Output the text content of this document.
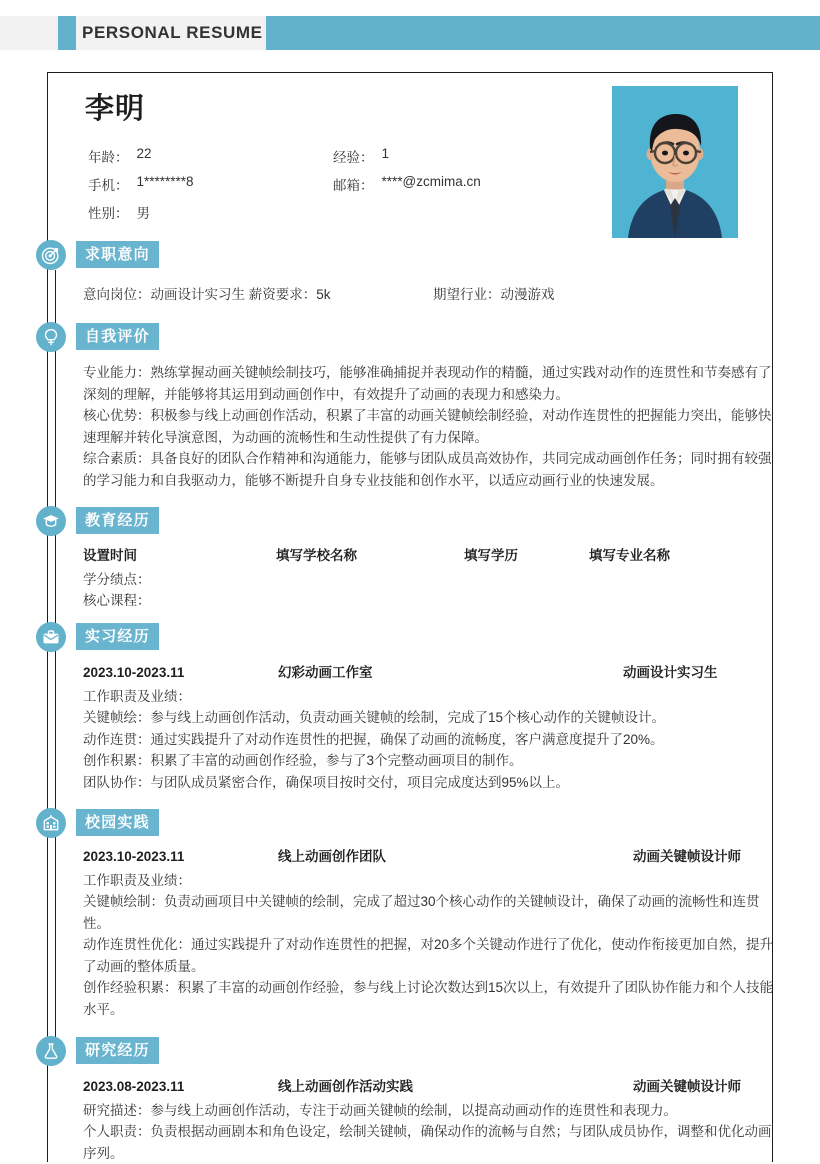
PERSONAL RESUME
李明
年龄： 22	经验： 1
手机： 1********8	邮箱： ****@zcmima.cn
性别： 男
求职意向
意向岗位：动画设计实习生 薪资要求：5k	期望行业：动漫游戏
自我评价

专业能力：熟练掌握动画关键帧绘制技巧，能够准确捕捉并表现动作的精髓，通过实践对动作的连贯性和节奏感有了深刻的理解，并能够将其运用到动画创作中，有效提升了动画的表现力和感染力。

核心优势：积极参与线上动画创作活动，积累了丰富的动画关键帧绘制经验，对动作连贯性的把握能力突出，能够快速理解并转化导演意图，为动画的流畅性和生动性提供了有力保障。

综合素质：具备良好的团队合作精神和沟通能力，能够与团队成员高效协作，共同完成动画创作任务；同时拥有较强的学习能力和自我驱动力，能够不断提升自身专业技能和创作水平，以适应动画行业的快速发展。

教育经历
设置时间	填写学校名称	填写学历	填写专业名称

学分绩点：

核心课程：

实习经历
2023.10-2023.11	幻彩动画工作室	动画设计实习生

工作职责及业绩：

关键帧绘：参与线上动画创作活动，负责动画关键帧的绘制，完成了15个核心动作的关键帧设计。

动作连贯：通过实践提升了对动作连贯性的把握，确保了动画的流畅度，客户满意度提升了20%。

创作积累：积累了丰富的动画创作经验，参与了3个完整动画项目的制作。

团队协作：与团队成员紧密合作，确保项目按时交付，项目完成度达到95%以上。

校园实践
2023.10-2023.11	线上动画创作团队	动画关键帧设计师

工作职责及业绩：

关键帧绘制：负责动画项目中关键帧的绘制，完成了超过30个核心动作的关键帧设计，确保了动画的流畅性和连贯性。

动作连贯性优化：通过实践提升了对动作连贯性的把握，对20多个关键动作进行了优化，使动作衔接更加自然，提升了动画的整体质量。

创作经验积累：积累了丰富的动画创作经验，参与线上讨论次数达到15次以上，有效提升了团队协作能力和个人技能水平。

研究经历
2023.08-2023.11	线上动画创作活动实践	动画关键帧设计师

研究描述：参与线上动画创作活动，专注于动画关键帧的绘制，以提高动画动作的连贯性和表现力。

个人职责：负责根据动画剧本和角色设定，绘制关键帧，确保动作的流畅与自然；与团队成员协作，调整和优化动画序列。
